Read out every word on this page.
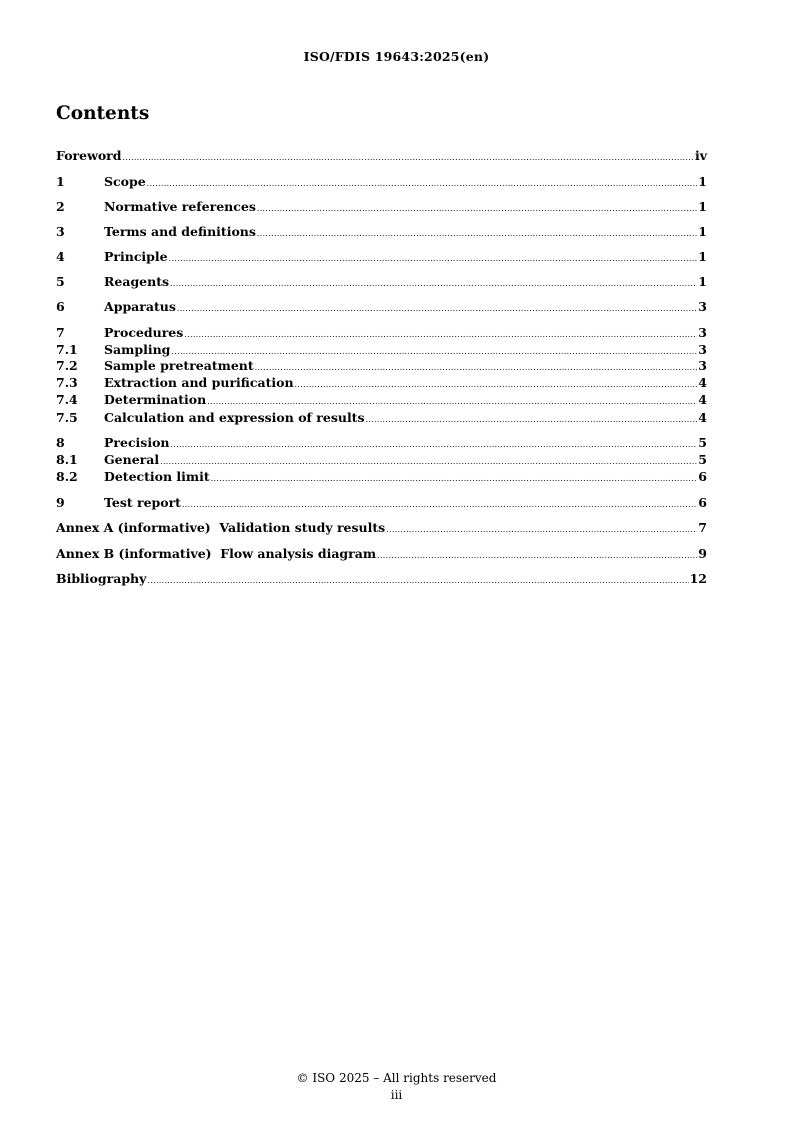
ISO/FDIS 19643:2025(en)
Contents
Foreword .....	iv
1	Scope .....	1
2	Normative references .....	1
3	Terms and definitions .....	1
4	Principle .....	1
5	Reagents .....	1
6	Apparatus .....	3
7	Procedures .....	3
7.1	Sampling .....	3
7.2	Sample pretreatment .....	3
7.3	Extraction and purification .....	4
7.4	Determination .....	4
7.5	Calculation and expression of results .....	4
8	Precision .....	5
8.1	General .....	5
8.2	Detection limit .....	6
9	Test report .....	6
Annex A (informative)  Validation study results .....	7
Annex B (informative)  Flow analysis diagram .....	9
Bibliography .....	12
© ISO 2025 – All rights reserved
iii
